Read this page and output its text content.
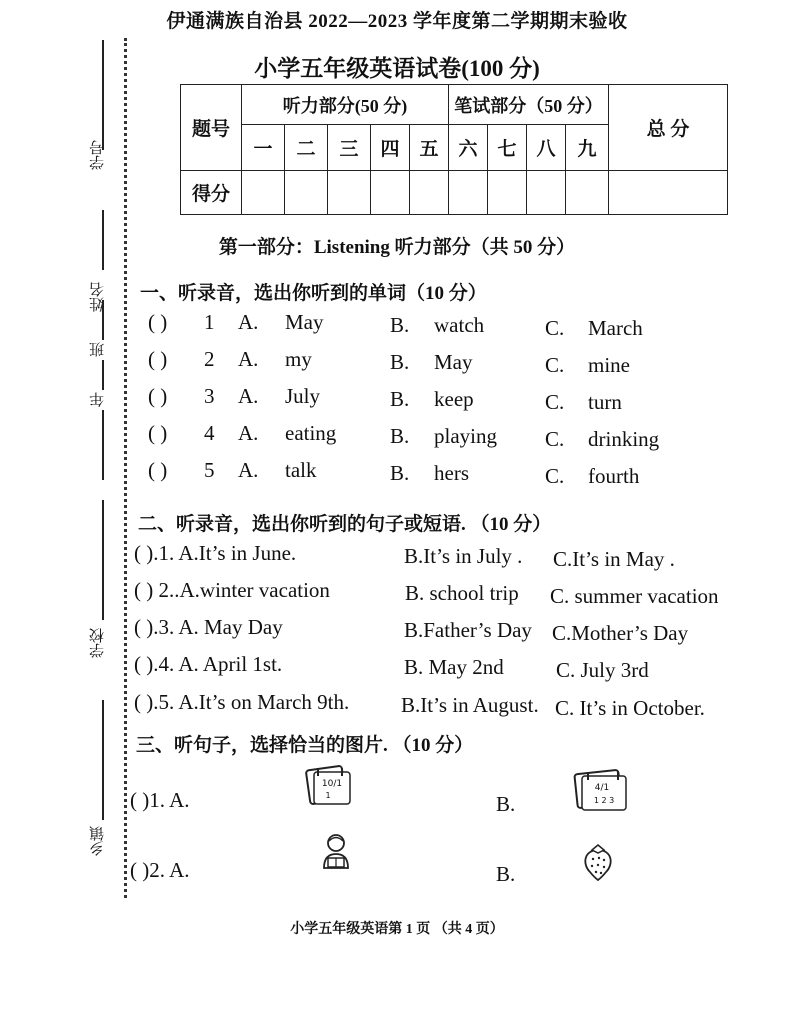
伊通满族自治县 2022—2023 学年度第二学期期末验收
小学五年级英语试卷(100 分)
学号
姓名
班
年
学校
乡镇
题号	听力部分(50 分)					笔试部分（50 分）				总 分
	一	二	三	四	五	六	七	八	九	
得分										
第一部分：Listening 听力部分（共 50 分）
一、听录音，选出你听到的单词（10 分）
( ) 1 A. May	B. watch	C. March
( ) 2 A. my	B. May	C. mine
( ) 3 A. July	B. keep	C. turn
( ) 4 A. eating	B. playing C. drinking
( ) 5 A. talk	B. hers	C. fourth
二、听录音，选出你听到的句子或短语. （10 分）
( ).1. A.It’s in June.	B.It’s in July . C.It’s in May .
( ) 2..A.winter vacation	B. school trip C. summer vacation
( ).3. A. May Day	B.Father’s Day C.Mother’s Day
( ).4. A. April 1st.	B. May 2nd C. July 3rd
( ).5. A.It’s on March 9th. B.It’s in August. C. It’s in October.
三、听句子，选择恰当的图片. （10 分）
( )1. A.	B.
( )2. A.	B.
10/1
1
4/1
1 2 3
小学五年级英语第 1 页 （共 4 页）
